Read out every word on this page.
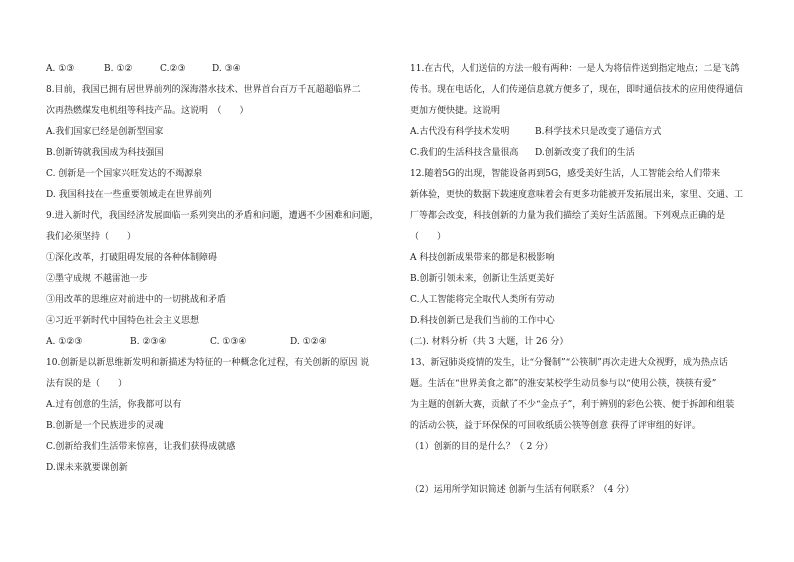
A. ①③	B. ①②	C.②③	D. ③④
8.目前，我国已拥有居世界前列的深海潜水技术、世界首台百万千瓦超超临界二
次再热燃煤发电机组等科技产品。这说明　（　　）
A.我们国家已经是创新型国家
B.创新铸就我国成为科技强国
C. 创新是一个国家兴旺发达的不竭源泉
D. 我国科技在一些重要领域走在世界前列
9.进入新时代，我国经济发展面临一系列突出的矛盾和问题，遭遇不少困难和问题，
我们必须坚持（　　）
①深化改革，打破阻碍发展的各种体制障碍
②墨守成规 不越雷池一步
③用改革的思维应对前进中的一切挑战和矛盾
④习近平新时代中国特色社会主义思想
A. ①②③	B. ②③④	C. ①③④	D. ①②④
10.创新是以新思维新发明和新描述为特征的一种概念化过程，有关创新的原因 说
法有误的是（　　）
A.过有创意的生活，你我都可以有
B.创新是一个民族进步的灵魂
C.创新给我们生活带来惊喜，让我们获得成就感
D.课未来就要课创新
11.在古代，人们送信的方法一般有两种：一是人为将信件送到指定地点；二是飞鸽
传书。现在电话化，人们传递信息就方便多了，现在，即时通信技术的应用使得通信
更加方便快捷。这说明
A.古代没有科学技术发明	B.科学技术只是改变了通信方式
C.我们的生活科技含量很高 D.创新改变了我们的生活
12.随着5G的出现，智能设备再到5G，感受美好生活，人工智能会给人们带来
新体验，更快的数据下载速度意味着会有更多功能被开发拓展出来，家里、交通、工
厂等都会改变，科技创新的力量为我们描绘了美好生活蓝图。下列观点正确的是
（　　）
A 科技创新成果带来的都是积极影响
B.创新引领未来，创新让生活更美好
C.人工智能将完全取代人类所有劳动
D.科技创新已是我们当前的工作中心
(二). 材料分析（共 3 大题，计 26 分）
13、新冠肺炎疫情的发生，让“分餐制”“公筷制”再次走进大众视野，成为热点话
题。生活在“世界美食之都”的淮安某校学生动员参与以“使用公筷，筷筷有爱”
为主题的创新大赛，贡献了不少“金点子”，利于辨别的彩色公筷、便于拆卸和组装
的活动公筷，益于环保保的可回收纸质公筷等创意 获得了评审组的好评。
（1）创新的目的是什么？（ 2 分）
（2）运用所学知识简述 创新与生活有何联系？（4 分）
